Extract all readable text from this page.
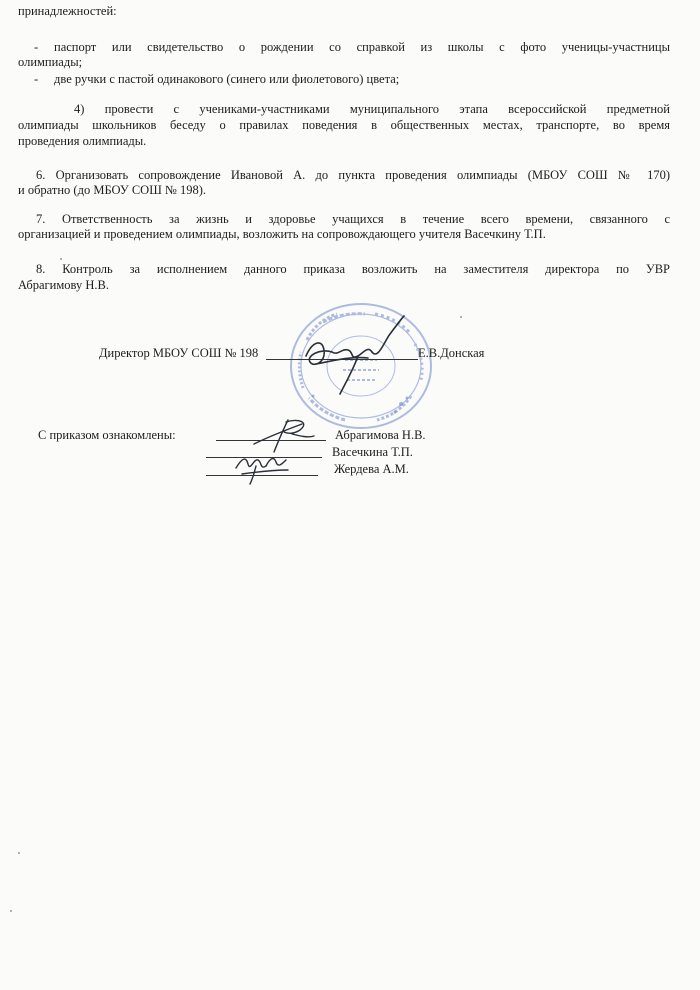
принадлежностей:
- паспорт или свидетельство о рождении со справкой из школы с фото ученицы-участницы
олимпиады;
- две ручки с пастой одинакового (синего или фиолетового) цвета;
4) провести с учениками-участниками муниципального этапа всероссийской предметной
олимпиады школьников беседу о правилах поведения в общественных местах, транспорте, во время
проведения олимпиады.
6. Организовать сопровождение Ивановой А. до пункта проведения олимпиады (МБОУ СОШ № 170)
и обратно (до МБОУ СОШ № 198).
7. Ответственность за жизнь и здоровье учащихся в течение всего времени, связанного с
организацией и проведением олимпиады, возложить на сопровождающего учителя Васечкину Т.П.
8. Контроль за исполнением данного приказа возложить на заместителя директора по УВР
Абрагимову Н.В.
Директор МБОУ СОШ № 198	Е.В.Донская
С приказом ознакомлены:	Абрагимова Н.В.
Васечкина Т.П.
Жердева А.М.
